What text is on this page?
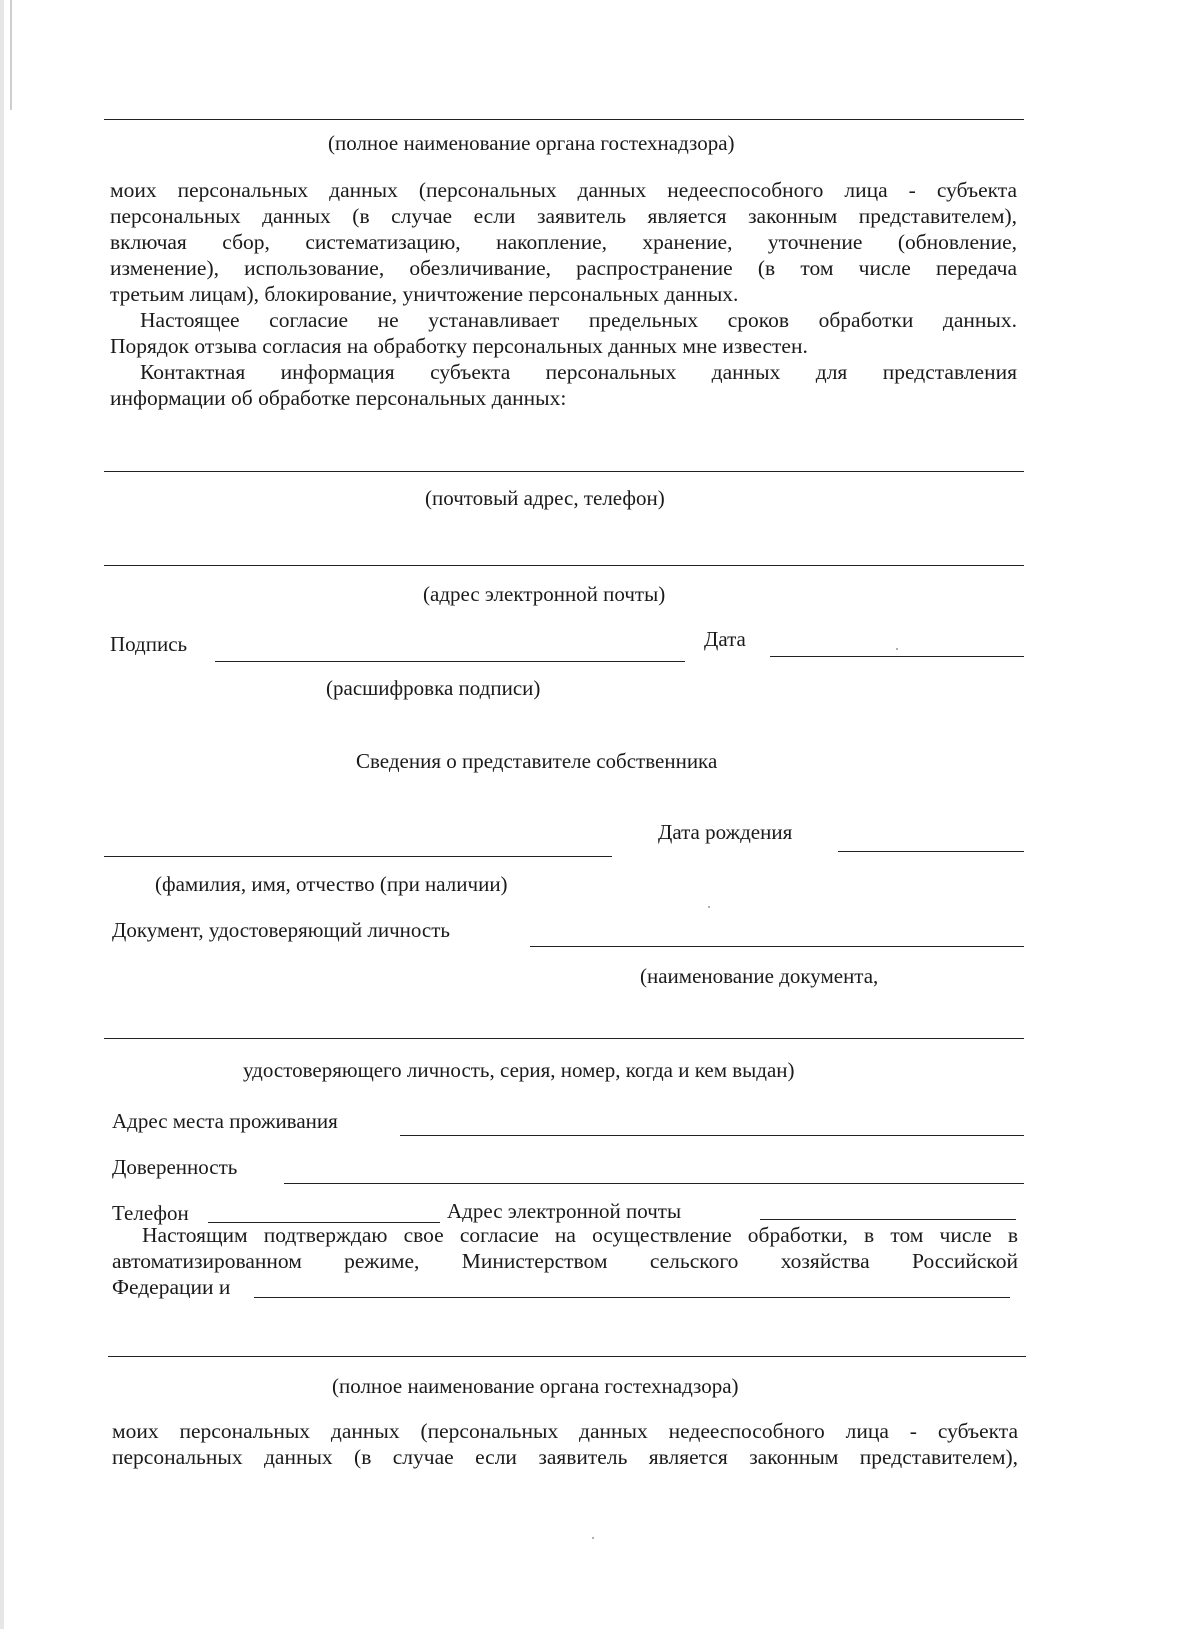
(полное наименование органа гостехнадзора)

моих персональных данных (персональных данных недееспособного лица - субъекта

персональных данных (в случае если заявитель является законным представителем),

включая сбор, систематизацию, накопление, хранение, уточнение (обновление,

изменение), использование, обезличивание, распространение (в том числе передача

третьим лицам), блокирование, уничтожение персональных данных.

Настоящее согласие не устанавливает предельных сроков обработки данных.

Порядок отзыва согласия на обработку персональных данных мне известен.

Контактная информация субъекта персональных данных для представления

информации об обработке персональных данных:

(почтовый адрес, телефон)
(адрес электронной почты)
Подпись	Дата
(расшифровка подписи)
Сведения о представителе собственника
Дата рождения
(фамилия, имя, отчество (при наличии)
Документ, удостоверяющий личность
(наименование документа,
удостоверяющего личность, серия, номер, когда и кем выдан)
Адрес места проживания
Доверенность
Телефон	Адрес электронной почты

Настоящим подтверждаю свое согласие на осуществление обработки, в том числе в

автоматизированном режиме, Министерством сельского хозяйства Российской

Федерации и

(полное наименование органа гостехнадзора)

моих персональных данных (персональных данных недееспособного лица - субъекта

персональных данных (в случае если заявитель является законным представителем),
